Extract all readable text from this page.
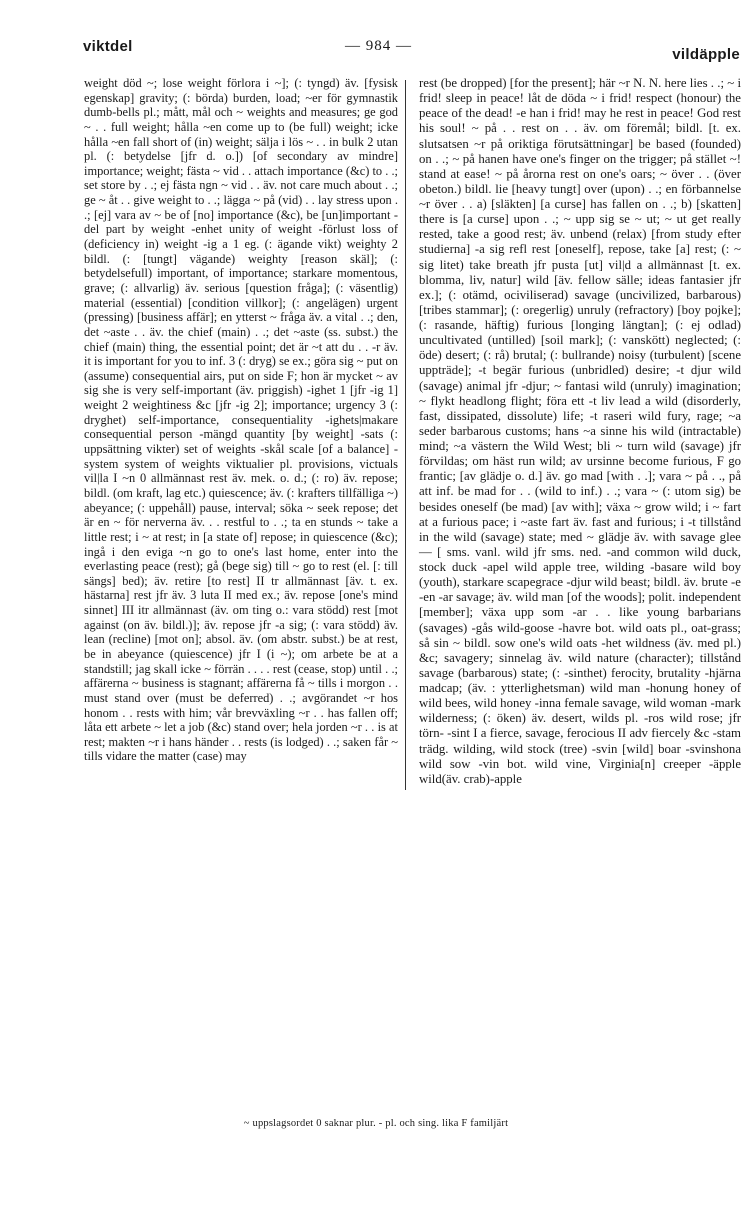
viktdel	— 984 —	vildäpple

weight död ~; lose weight förlora i ~]; (: tyngd) äv. [fysisk egenskap] gravity; (: börda) burden, load; ~er för gymnastik dumb-bells pl.; mått, mål och ~ weights and measures; ge god ~ . . full weight; hålla ~en come up to (be full) weight; icke hålla ~en fall short of (in) weight; sälja i lös ~ . . in bulk 2 utan pl. (: betydelse [jfr d. o.]) [of secondary av mindre] importance; weight; fästa ~ vid . . attach importance (&c) to . .; set store by . .; ej fästa ngn ~ vid . . äv. not care much about . .; ge ~ åt . . give weight to . .; lägga ~ på (vid) . . lay stress upon . .; [ej] vara av ~ be of [no] importance (&c), be [un]important -del part by weight -enhet unity of weight -förlust loss of (deficiency in) weight -ig a 1 eg. (: ägande vikt) weighty 2 bildl. (: [tungt] vägande) weighty [reason skäl]; (: betydelsefull) important, of importance; starkare momentous, grave; (: allvarlig) äv. serious [question fråga]; (: väsentlig) material (essential) [condition villkor]; (: angelägen) urgent (pressing) [business affär]; en ytterst ~ fråga äv. a vital . .; den, det ~aste . . äv. the chief (main) . .; det ~aste (ss. subst.) the chief (main) thing, the essential point; det är ~t att du . . -r äv. it is important for you to inf. 3 (: dryg) se ex.; göra sig ~ put on (assume) consequential airs, put on side F; hon är mycket ~ av sig she is very self-important (äv. priggish) -ighet 1 [jfr -ig 1] weight 2 weightiness &c [jfr -ig 2]; importance; urgency 3 (: dryghet) self-importance, consequentiality -ighets|makare consequential person -mängd quantity [by weight] -sats (: uppsättning vikter) set of weights -skål scale [of a balance] -system system of weights viktualier pl. provisions, victuals vil|la I ~n 0 allmännast rest äv. mek. o. d.; (: ro) äv. repose; bildl. (om kraft, lag etc.) quiescence; äv. (: krafters tillfälliga ~) abeyance; (: uppehåll) pause, interval; söka ~ seek repose; det är en ~ för nerverna äv. . . restful to . .; ta en stunds ~ take a little rest; i ~ at rest; in [a state of] repose; in quiescence (&c); ingå i den eviga ~n go to one's last home, enter into the everlasting peace (rest); gå (bege sig) till ~ go to rest (el. [: till sängs] bed); äv. retire [to rest] II tr allmännast [äv. t. ex. hästarna] rest jfr äv. 3 luta II med ex.; äv. repose [one's mind sinnet] III itr allmännast (äv. om ting o.: vara stödd) rest [mot against (on äv. bildl.)]; äv. repose jfr -a sig; (: vara stödd) äv. lean (recline) [mot on]; absol. äv. (om abstr. subst.) be at rest, be in abeyance (quiescence) jfr I (i ~); om arbete be at a standstill; jag skall icke ~ förrän . . . . rest (cease, stop) until . .; affärerna ~ business is stagnant; affärerna få ~ tills i morgon . . must stand over (must be deferred) . .; avgörandet ~r hos honom . . rests with him; vår brevväxling ~r . . has fallen off; låta ett arbete ~ let a job (&c) stand over; hela jorden ~r . . is at rest; makten ~r i hans händer . . rests (is lodged) . .; saken får ~ tills vidare the matter (case) may

rest (be dropped) [for the present]; här ~r N. N. here lies . .; ~ i frid! sleep in peace! låt de döda ~ i frid! respect (honour) the peace of the dead! -e han i frid! may he rest in peace! God rest his soul! ~ på . . rest on . . äv. om föremål; bildl. [t. ex. slutsatsen ~r på oriktiga förutsättningar] be based (founded) on . .; ~ på hanen have one's finger on the trigger; på stället ~! stand at ease! ~ på årorna rest on one's oars; ~ över . . (över obeton.) bildl. lie [heavy tungt] over (upon) . .; en förbannelse ~r över . . a) [släkten] [a curse] has fallen on . .; b) [skatten] there is [a curse] upon . .; ~ upp sig se ~ ut; ~ ut get really rested, take a good rest; äv. unbend (relax) [from study efter studierna] -a sig refl rest [oneself], repose, take [a] rest; (: ~ sig litet) take breath jfr pusta [ut] vil|d a allmännast [t. ex. blomma, liv, natur] wild [äv. fellow sälle; ideas fantasier jfr ex.]; (: otämd, ociviliserad) savage (uncivilized, barbarous) [tribes stammar]; (: oregerlig) unruly (refractory) [boy pojke]; (: rasande, häftig) furious [longing längtan]; (: ej odlad) uncultivated (untilled) [soil mark]; (: vanskött) neglected; (: öde) desert; (: rå) brutal; (: bullrande) noisy (turbulent) [scene uppträde]; -t begär furious (unbridled) desire; -t djur wild (savage) animal jfr -djur; ~ fantasi wild (unruly) imagination; ~ flykt headlong flight; föra ett -t liv lead a wild (disorderly, fast, dissipated, dissolute) life; -t raseri wild fury, rage; ~a seder barbarous customs; hans ~a sinne his wild (intractable) mind; ~a västern the Wild West; bli ~ turn wild (savage) jfr förvildas; om häst run wild; av ursinne become furious, F go frantic; [av glädje o. d.] äv. go mad [with . .]; vara ~ på . ., på att inf. be mad for . . (wild to inf.) . .; vara ~ (: utom sig) be besides oneself (be mad) [av with]; växa ~ grow wild; i ~ fart at a furious pace; i ~aste fart äv. fast and furious; i -t tillstånd in the wild (savage) state; med ~ glädje äv. with savage glee — [ sms. vanl. wild jfr sms. ned. -and common wild duck, stock duck -apel wild apple tree, wilding -basare wild boy (youth), starkare scapegrace -djur wild beast; bildl. äv. brute -e -en -ar savage; äv. wild man [of the woods]; polit. independent [member]; växa upp som -ar . . like young barbarians (savages) -gås wild-goose -havre bot. wild oats pl., oat-grass; så sin ~ bildl. sow one's wild oats -het wildness (äv. med pl.) &c; savagery; sinnelag äv. wild nature (character); tillstånd savage (barbarous) state; (: -sinthet) ferocity, brutality -hjärna madcap; (äv. : ytterlighetsman) wild man -honung honey of wild bees, wild honey -inna female savage, wild woman -mark wilderness; (: öken) äv. desert, wilds pl. -ros wild rose; jfr törn- -sint I a fierce, savage, ferocious II adv fiercely &c -stam trädg. wilding, wild stock (tree) -svin [wild] boar -svinshona wild sow -vin bot. wild vine, Virginia[n] creeper -äpple wild(äv. crab)-apple

~ uppslagsordet 0 saknar plur. - pl. och sing. lika F familjärt
